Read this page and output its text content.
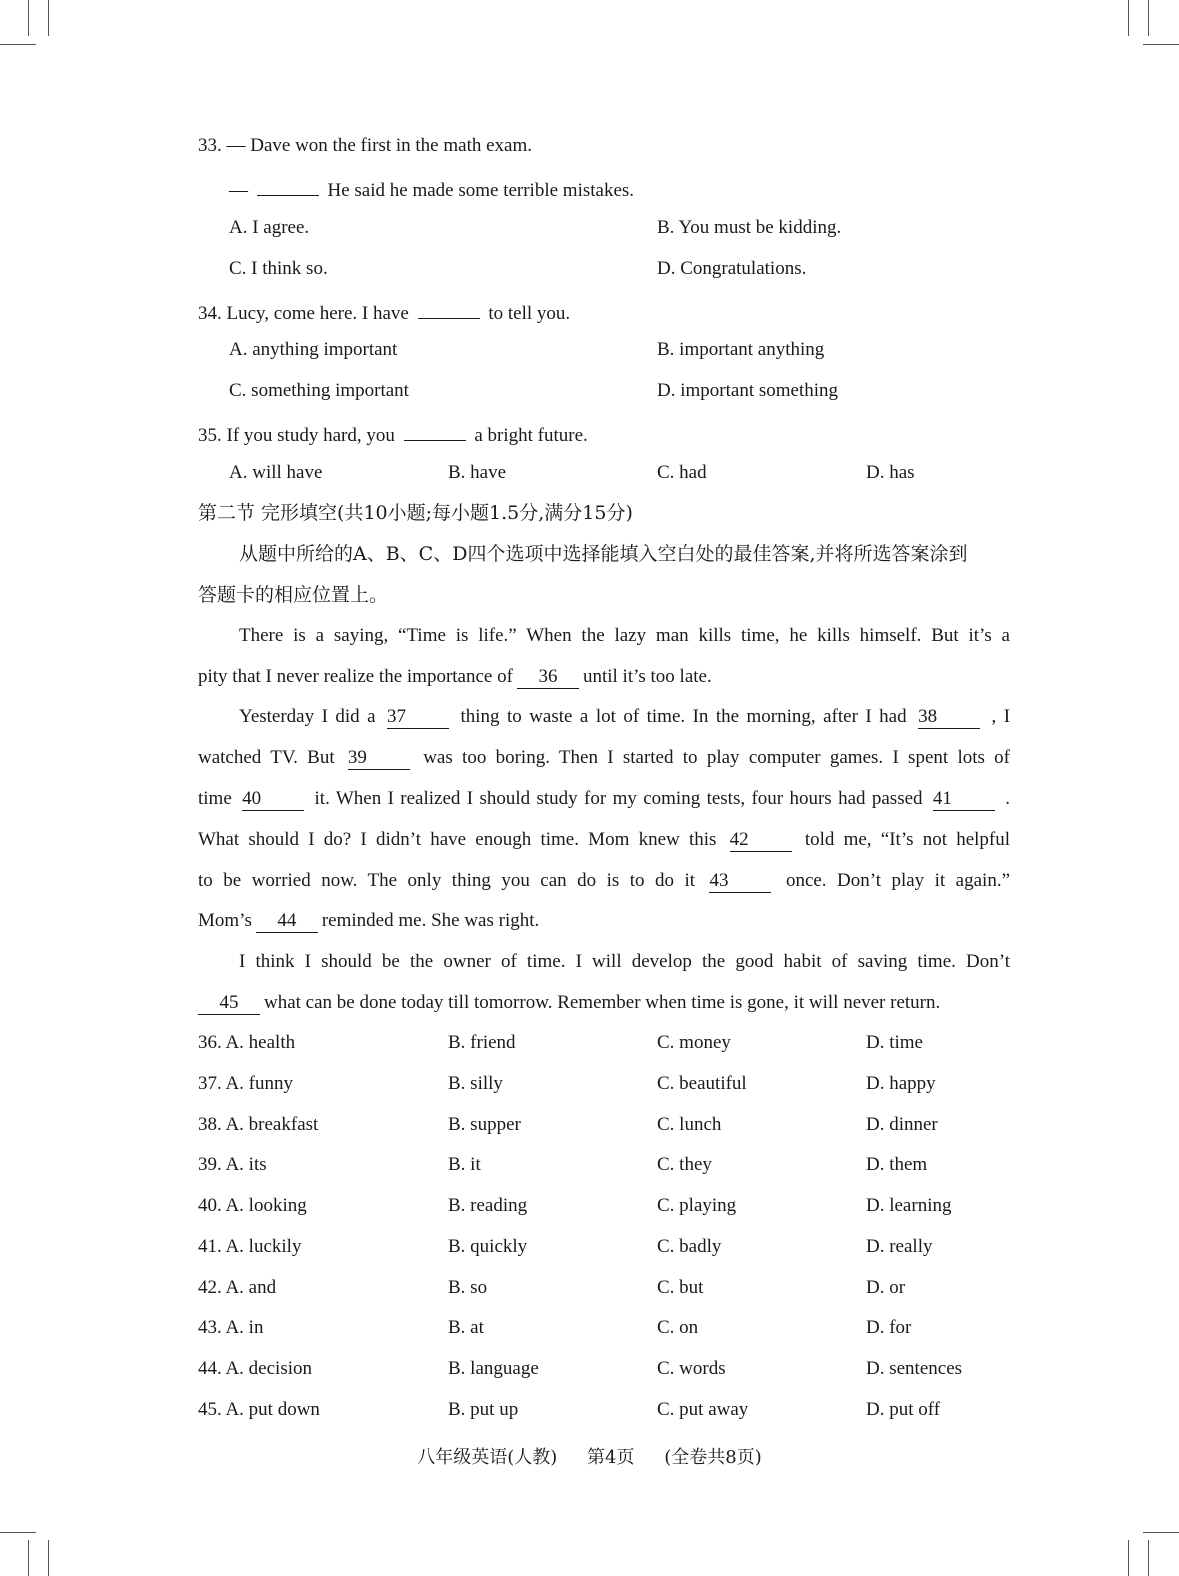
33. — Dave won the first in the math exam.
—	He said he made some terrible mistakes.
A. I agree.	B. You must be kidding.
C. I think so.	D. Congratulations.
34. Lucy, come here. I have	to tell you.
A. anything important	B. important anything
C. something important	D. important something
35. If you study hard, you	a bright future.
A. will have	B. have	C. had	D. has
第二节 完形填空(共10小题;每小题1.5分,满分15分)
从题中所给的A、B、C、D四个选项中选择能填入空白处的最佳答案,并将所选答案涂到
答题卡的相应位置上。
There is a saying, “Time is life.” When the lazy man kills time, he kills himself. But it’s a
pity that I never realize the importance of 36 until it’s too late.
Yesterday I did a 37	thing to waste a lot of time. In the morning, after I had 38	, I
watched TV. But 39	was too boring. Then I started to play computer games. I spent lots of
time 40	it. When I realized I should study for my coming tests, four hours had passed 41	.
What should I do? I didn’t have enough time. Mom knew this 42	told me, “It’s not helpful
to be worried now. The only thing you can do is to do it 43	once. Don’t play it again.”
Mom’s 44 reminded me. She was right.
I think I should be the owner of time. I will develop the good habit of saving time. Don’t
45 what can be done today till tomorrow. Remember when time is gone, it will never return.
36. A. health	B. friend	C. money	D. time
37. A. funny	B. silly	C. beautiful	D. happy
38. A. breakfast	B. supper	C. lunch	D. dinner
39. A. its	B. it	C. they	D. them
40. A. looking	B. reading	C. playing	D. learning
41. A. luckily	B. quickly	C. badly	D. really
42. A. and	B. so	C. but	D. or
43. A. in	B. at	C. on	D. for
44. A. decision	B. language	C. words	D. sentences
45. A. put down	B. put up	C. put away	D. put off
八年级英语(人教) 第4页 (全卷共8页)
